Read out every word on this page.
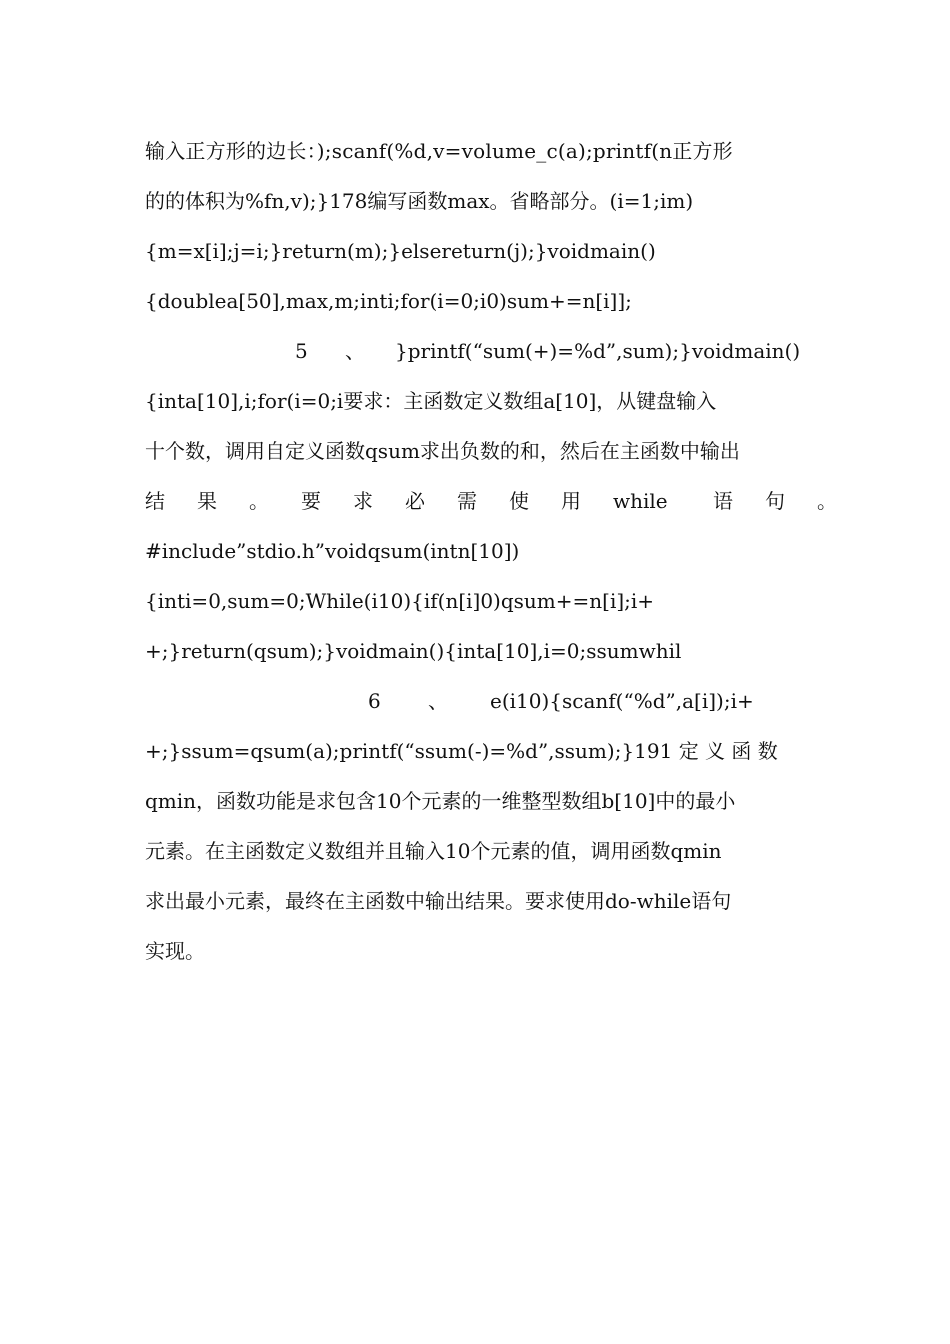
输入正方形的边长：);scanf(%d,v=volume_c(a);printf(n正方形
的的体积为%fn,v);}178编写函数max。省略部分。(i=1;im)
{m=x[i];j=i;}return(m);}elsereturn(j);}voidmain()
{doublea[50],max,m;inti;for(i=0;i0)sum+=n[i]];
5 、 }printf(“sum(+)=%d”,sum);}voidmain()
{inta[10],i;for(i=0;i要求：主函数定义数组a[10]，从键盘输入
十个数，调用自定义函数qsum求出负数的和，然后在主函数中输出
结 果 。 要 求 必 需 使 用 while 语 句 。
#include”stdio.h”voidqsum(intn[10])
{inti=0,sum=0;While(i10){if(n[i]0)qsum+=n[i];i+
+;}return(qsum);}voidmain(){inta[10],i=0;ssumwhil
6 、 e(i10){scanf(“%d”,a[i]);i+
+;}ssum=qsum(a);printf(“ssum(-)=%d”,ssum);}191 定 义 函 数
qmin，函数功能是求包含10个元素的一维整型数组b[10]中的最小
元素。在主函数定义数组并且输入10个元素的值，调用函数qmin
求出最小元素，最终在主函数中输出结果。要求使用do-while语句
实现。
